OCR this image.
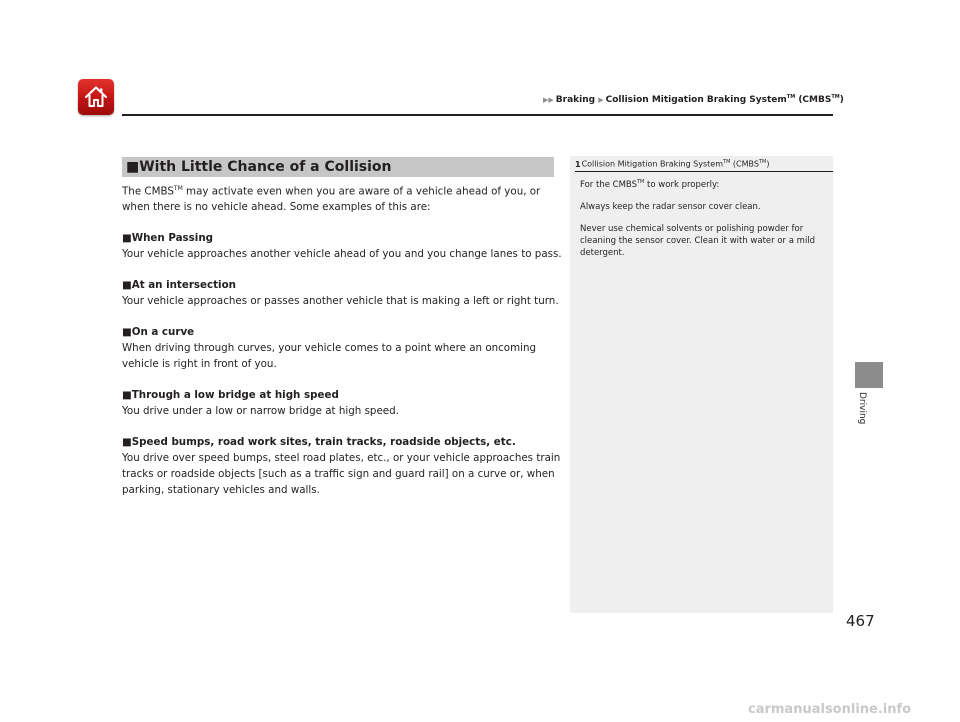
▶▶ Braking ▶ Collision Mitigation Braking System™ (CMBS™)
■With Little Chance of a Collision

The CMBS™ may activate even when you are aware of a vehicle ahead of you, or when there is no vehicle ahead. Some examples of this are:

■When Passing

Your vehicle approaches another vehicle ahead of you and you change lanes to pass.

■At an intersection

Your vehicle approaches or passes another vehicle that is making a left or right turn.

■On a curve

When driving through curves, your vehicle comes to a point where an oncoming vehicle is right in front of you.

■Through a low bridge at high speed

You drive under a low or narrow bridge at high speed.

■Speed bumps, road work sites, train tracks, roadside objects, etc.

You drive over speed bumps, steel road plates, etc., or your vehicle approaches train tracks or roadside objects [such as a traffic sign and guard rail] on a curve or, when parking, stationary vehicles and walls.

1Collision Mitigation Braking System™ (CMBS™)

For the CMBS™ to work properly:

Always keep the radar sensor cover clean.

Never use chemical solvents or polishing powder for cleaning the sensor cover. Clean it with water or a mild detergent.

Driving
467
carmanualsonline.info
